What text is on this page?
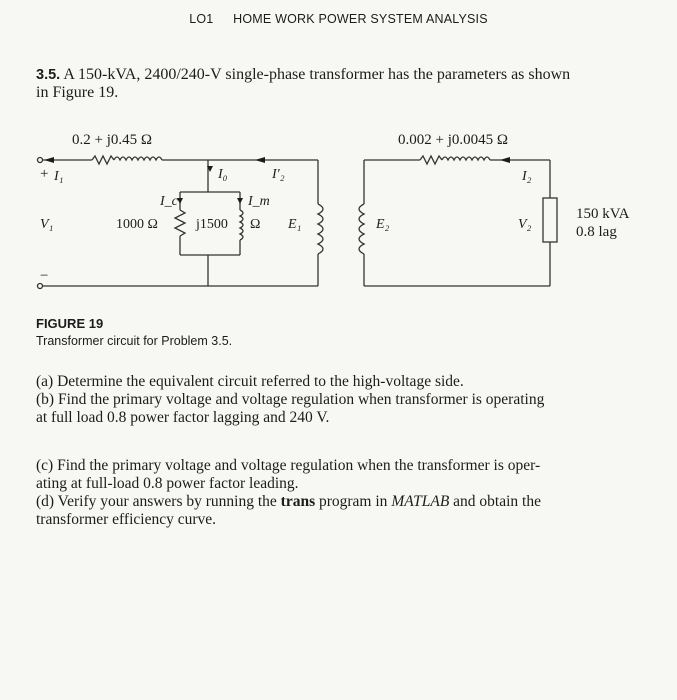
LO1 HOME WORK POWER SYSTEM ANALYSIS
3.5. A 150-kVA, 2400/240-V single-phase transformer has the parameters as shown
in Figure 19.
0.2 + j0.45 Ω	0.002 + j0.0045 Ω
+ I₁	I₀	I′₂
I_c	I_m
V₁	1000 Ω	j1500 Ω E₁	E₂
I₂
V₂
150 kVA
0.8 lag
−
FIGURE 19
Transformer circuit for Problem 3.5.

(a) Determine the equivalent circuit referred to the high-voltage side.

(b) Find the primary voltage and voltage regulation when transformer is operating

at full load 0.8 power factor lagging and 240 V.

(c) Find the primary voltage and voltage regulation when the transformer is oper-

ating at full-load 0.8 power factor leading.

(d) Verify your answers by running the trans program in MATLAB and obtain the

transformer efficiency curve.
